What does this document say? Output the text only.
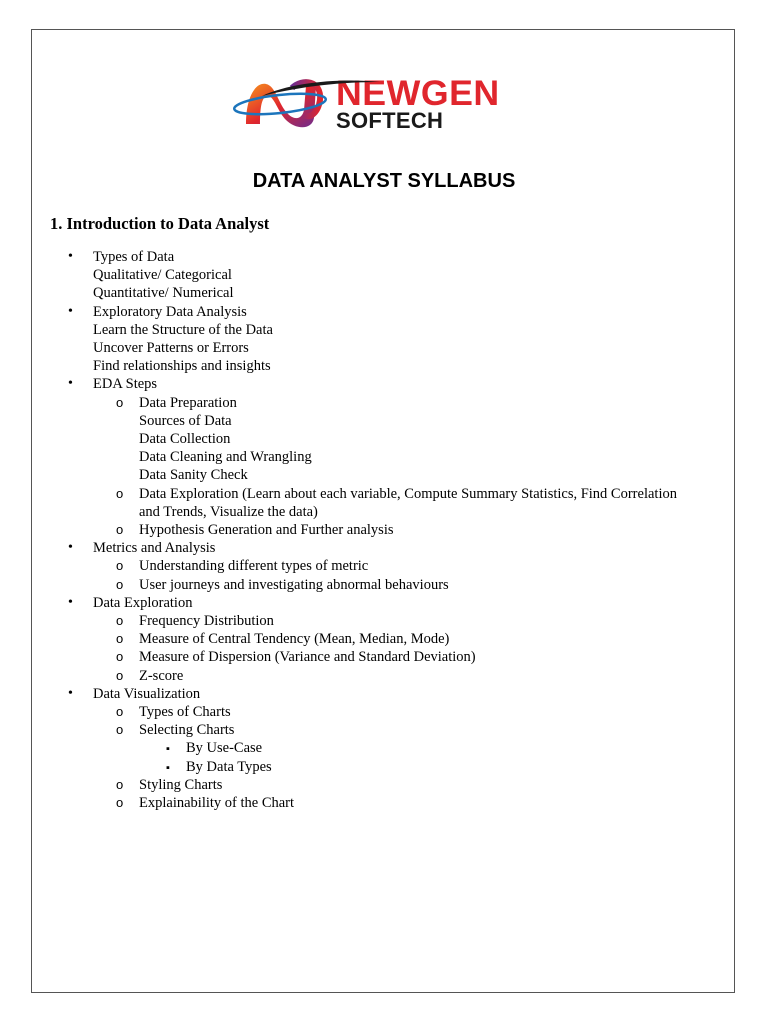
NEWGEN
SOFTECH
DATA ANALYST SYLLABUS
1. Introduction to Data Analyst
• Types of Data
Qualitative/ Categorical
Quantitative/ Numerical
• Exploratory Data Analysis
Learn the Structure of the Data
Uncover Patterns or Errors
Find relationships and insights
• EDA Steps
o Data Preparation
Sources of Data
Data Collection
Data Cleaning and Wrangling
Data Sanity Check
o Data Exploration (Learn about each variable, Compute Summary Statistics, Find Correlation
and Trends, Visualize the data)
o Hypothesis Generation and Further analysis
• Metrics and Analysis
o Understanding different types of metric
o User journeys and investigating abnormal behaviours
• Data Exploration
o Frequency Distribution
o Measure of Central Tendency (Mean, Median, Mode)
o Measure of Dispersion (Variance and Standard Deviation)
o Z-score
• Data Visualization
o Types of Charts
o Selecting Charts
▪ By Use-Case
▪ By Data Types
o Styling Charts
o Explainability of the Chart
